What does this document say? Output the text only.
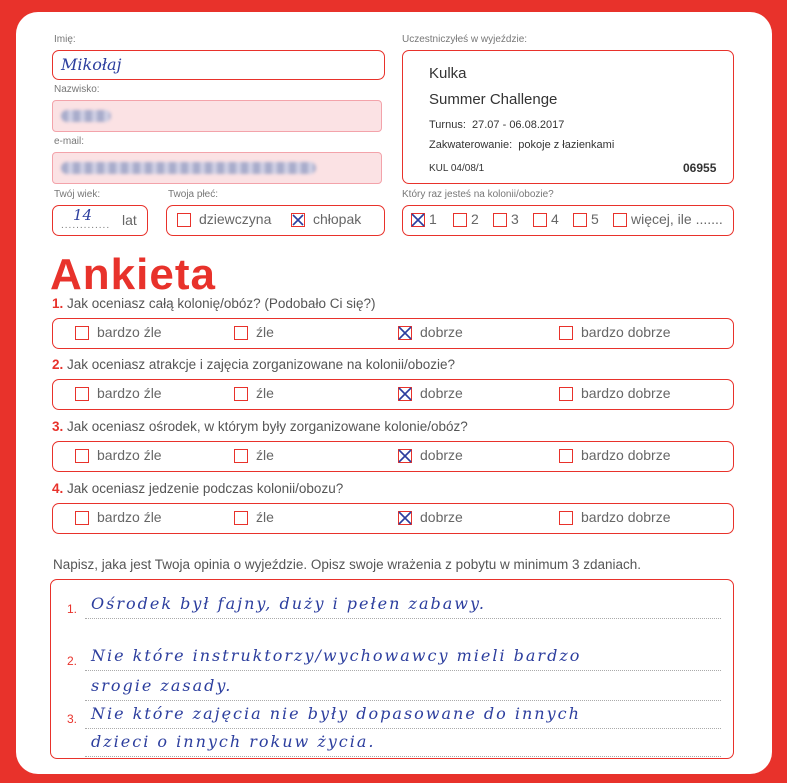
Imię:
Mikołaj
Nazwisko:
e-mail:
Twój wiek:
.............
14 lat
Twoja płeć:
dziewczyna	chłopak
Uczestniczyłeś w wyjeździe:
Kulka
Summer Challenge
Turnus: 27.07 - 06.08.2017
Zakwaterowanie: pokoje z łazienkami
KUL 04/08/1	06955
Który raz jesteś na kolonii/obozie?
1 2 3 4 5 więcej, ile .......
Ankieta
1. Jak oceniasz całą kolonię/obóz? (Podobało Ci się?)
bardzo źle	źle	dobrze	bardzo dobrze
2. Jak oceniasz atrakcje i zajęcia zorganizowane na kolonii/obozie?
bardzo źle	źle	dobrze	bardzo dobrze
3. Jak oceniasz ośrodek, w którym były zorganizowane kolonie/obóz?
bardzo źle	źle	dobrze	bardzo dobrze
4. Jak oceniasz jedzenie podczas kolonii/obozu?
bardzo źle	źle	dobrze	bardzo dobrze
Napisz, jaka jest Twoja opinia o wyjeździe. Opisz swoje wrażenia z pobytu w minimum 3 zdaniach.
1. Ośrodek był fajny, duży i pełen zabawy.
2. Nie które instruktorzy/wychowawcy mieli bardzo
srogie zasady.
3. Nie które zajęcia nie były dopasowane do innych
dzieci o innych rokuw życia.
